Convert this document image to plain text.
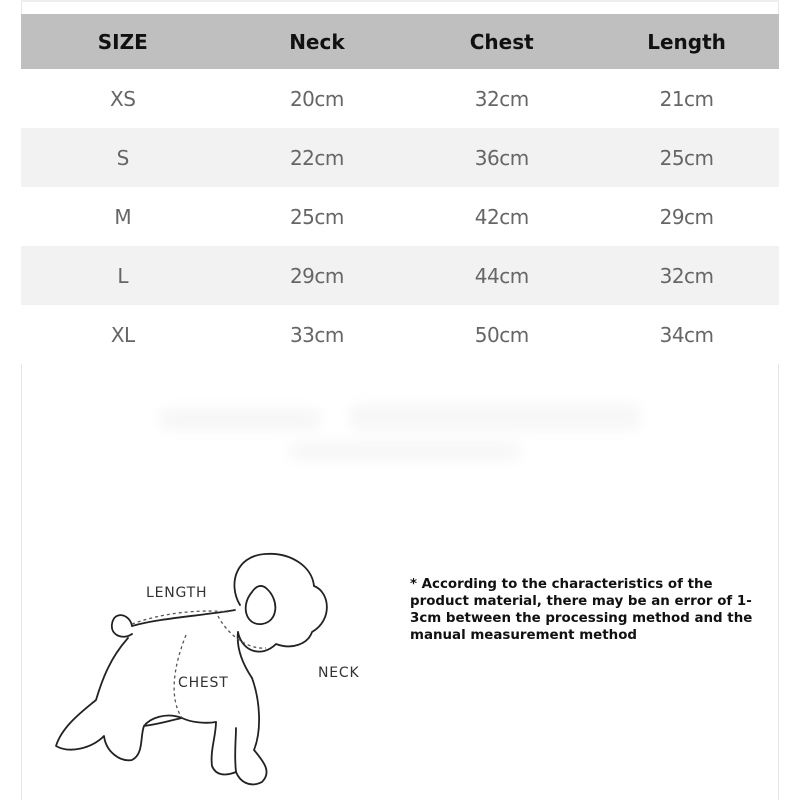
SIZE	Neck	Chest	Length
XS	20cm	32cm	21cm
S	22cm	36cm	25cm
M	25cm	42cm	29cm
L	29cm	44cm	32cm
XL	33cm	50cm	34cm
LENGTH
CHEST
NECK
* According to the characteristics of the product material, there may be an error of 1-3cm between the processing method and the manual measurement method
